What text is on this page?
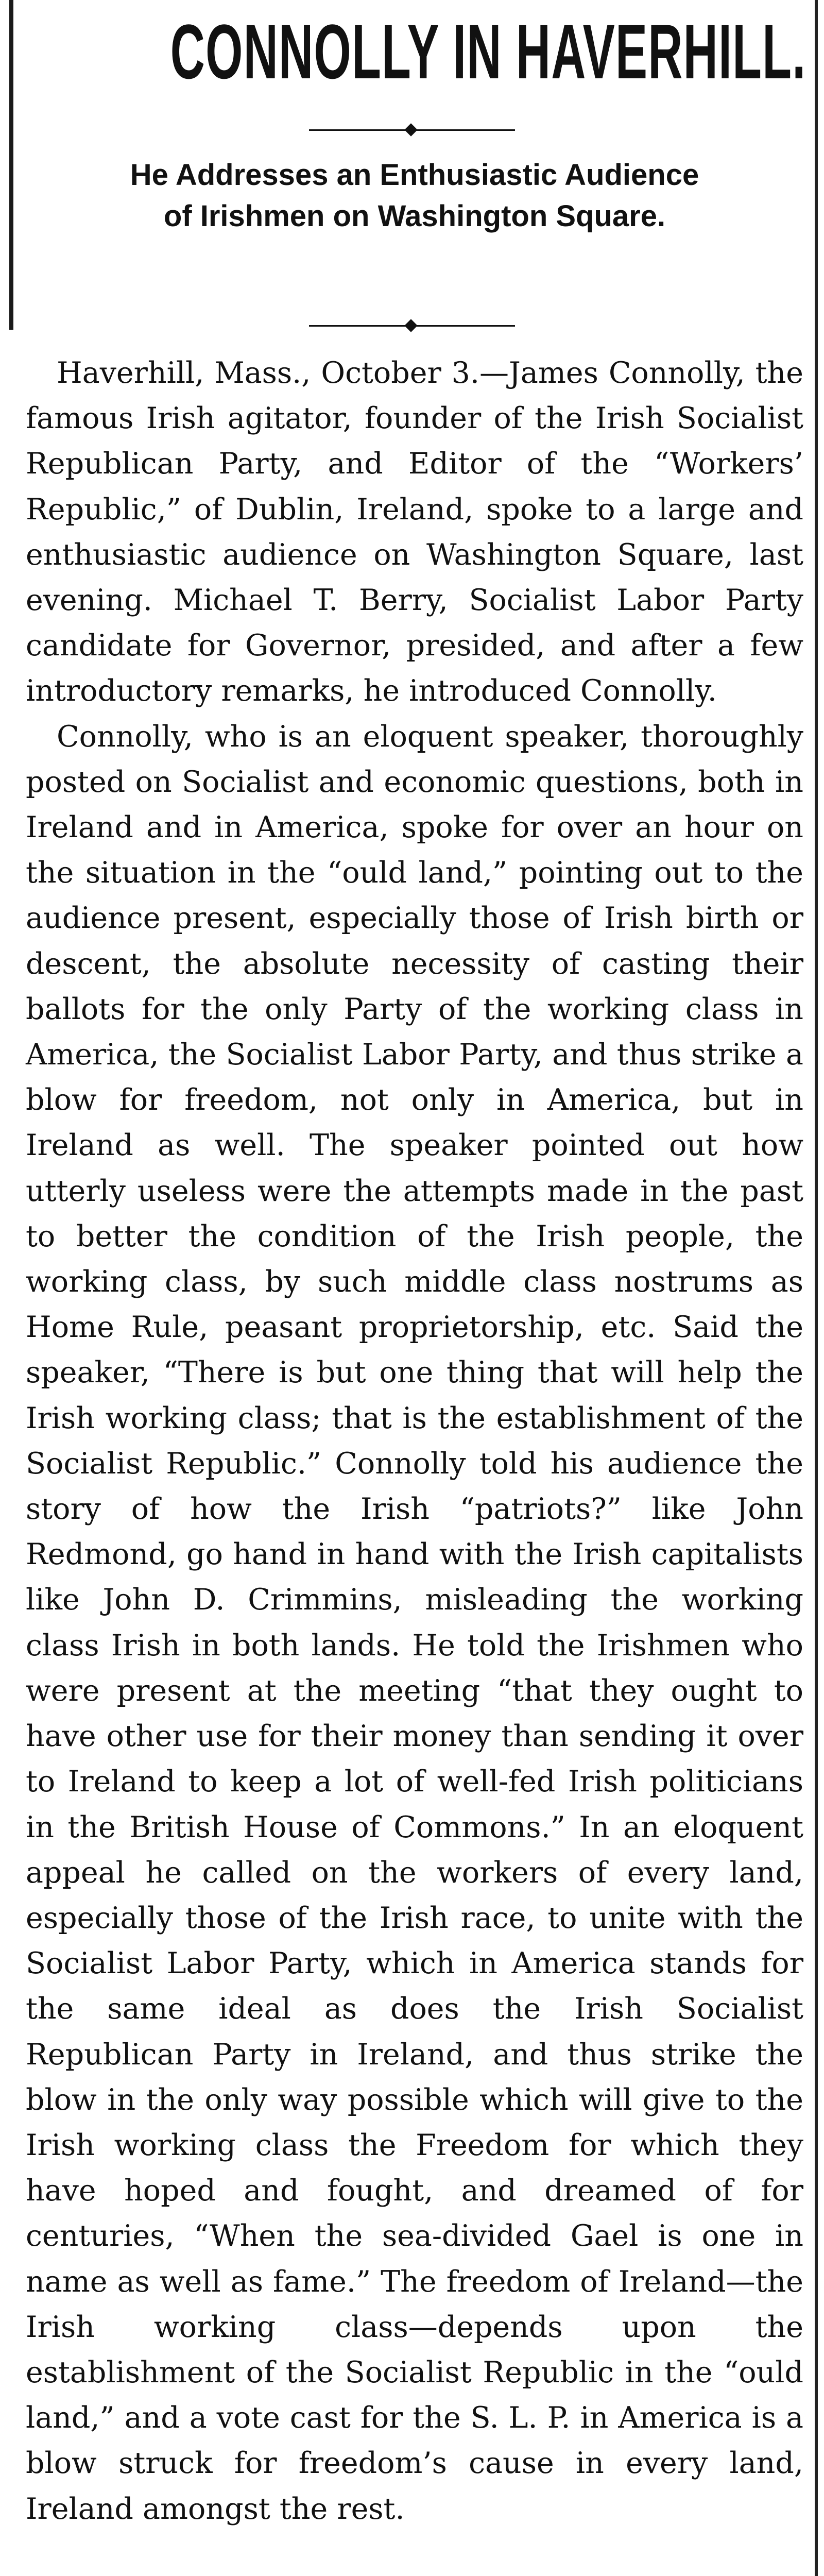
CONNOLLY IN HAVERHILL.
He Addresses an Enthusiastic Audience
of Irishmen on Washington Square.

Haverhill, Mass., October 3.—James Connolly, the famous Irish agitator, founder of the Irish Socialist Republican Party, and Editor of the “Workers’ Republic,” of Dublin, Ireland, spoke to a large and enthusiastic audience on Washington Square, last evening. Michael T. Berry, Socialist Labor Party candidate for Governor, presided, and after a few introductory remarks, he introduced Connolly.

Connolly, who is an eloquent speaker, thoroughly posted on Socialist and economic questions, both in Ireland and in America, spoke for over an hour on the situation in the “ould land,” pointing out to the audience present, especially those of Irish birth or descent, the absolute necessity of casting their ballots for the only Party of the working class in America, the Socialist Labor Party, and thus strike a blow for freedom, not only in America, but in Ireland as well. The speaker pointed out how utterly useless were the attempts made in the past to better the condition of the Irish people, the working class, by such middle class nostrums as Home Rule, peasant proprietorship, etc. Said the speaker, “There is but one thing that will help the Irish working class; that is the establishment of the Socialist Republic.” Connolly told his audience the story of how the Irish “patriots?” like John Redmond, go hand in hand with the Irish capitalists like John D. Crimmins, misleading the working class Irish in both lands. He told the Irishmen who were present at the meeting “that they ought to have other use for their money than sending it over to Ireland to keep a lot of well-fed Irish politicians in the British House of Commons.” In an eloquent appeal he called on the workers of every land, especially those of the Irish race, to unite with the Socialist Labor Party, which in America stands for the same ideal as does the Irish Socialist Republican Party in Ireland, and thus strike the blow in the only way possible which will give to the Irish working class the Freedom for which they have hoped and fought, and dreamed of for centuries, “When the sea-divided Gael is one in name as well as fame.” The freedom of Ireland—the Irish working class—depends upon the establishment of the Socialist Republic in the “ould land,” and a vote cast for the S. L. P. in America is a blow struck for freedom’s cause in every land, Ireland amongst the rest.
